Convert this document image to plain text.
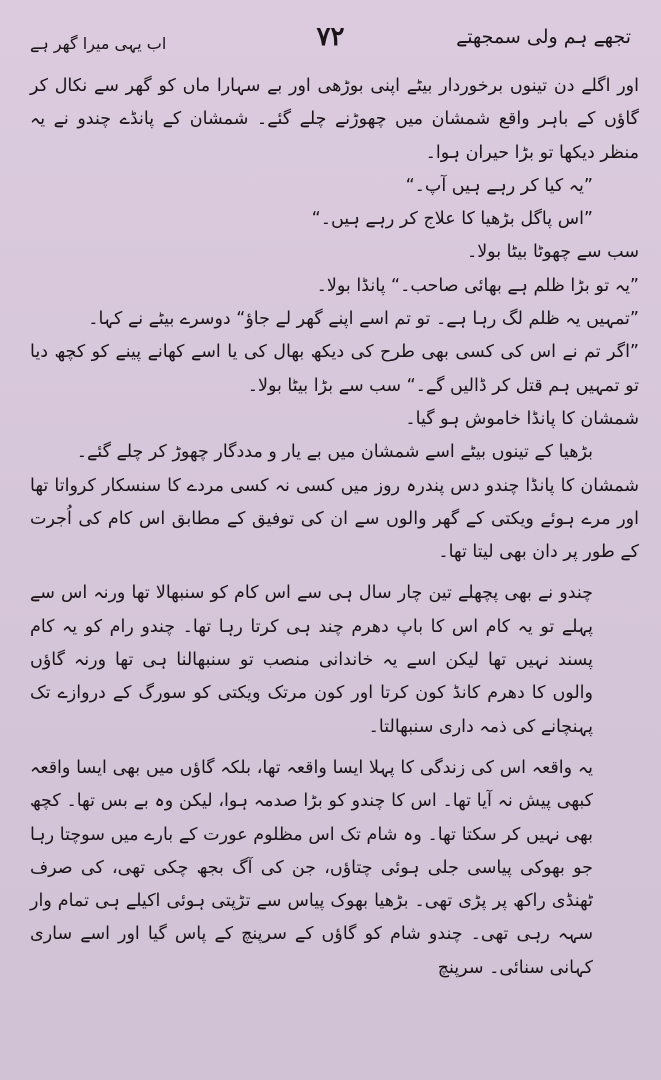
تجھے ہم ولی سمجھتے
٧٢
اب یہی میرا گھر ہے

اور اگلے دن تینوں برخوردار بیٹے اپنی بوڑھی اور بے سہارا ماں کو گھر سے نکال کر گاؤں کے باہر واقع شمشان میں چھوڑنے چلے گئے۔ شمشان کے پانڈے چندو نے یہ منظر دیکھا تو بڑا حیران ہوا۔

”یہ کیا کر رہے ہیں آپ۔“

”اس پاگل بڑھیا کا علاج کر رہے ہیں۔“

سب سے چھوٹا بیٹا بولا۔

”یہ تو بڑا ظلم ہے بھائی صاحب۔“ پانڈا بولا۔

”تمہیں یہ ظلم لگ رہا ہے۔ تو تم اسے اپنے گھر لے جاؤ“ دوسرے بیٹے نے کہا۔

”اگر تم نے اس کی کسی بھی طرح کی دیکھ بھال کی یا اسے کھانے پینے کو کچھ دیا تو تمہیں ہم قتل کر ڈالیں گے۔“ سب سے بڑا بیٹا بولا۔

شمشان کا پانڈا خاموش ہو گیا۔

بڑھیا کے تینوں بیٹے اسے شمشان میں بے یار و مددگار چھوڑ کر چلے گئے۔

شمشان کا پانڈا چندو دس پندرہ روز میں کسی نہ کسی مردے کا سنسکار کرواتا تھا اور مرے ہوئے ویکتی کے گھر والوں سے ان کی توفیق کے مطابق اس کام کی اُجرت کے طور پر دان بھی لیتا تھا۔

چندو نے بھی پچھلے تین چار سال ہی سے اس کام کو سنبھالا تھا ورنہ اس سے پہلے تو یہ کام اس کا باپ دھرم چند ہی کرتا رہا تھا۔ چندو رام کو یہ کام پسند نہیں تھا لیکن اسے یہ خاندانی منصب تو سنبھالنا ہی تھا ورنہ گاؤں والوں کا دھرم کانڈ کون کرتا اور کون مرتک ویکتی کو سورگ کے دروازے تک پہنچانے کی ذمہ داری سنبھالتا۔

یہ واقعہ اس کی زندگی کا پہلا ایسا واقعہ تھا، بلکہ گاؤں میں بھی ایسا واقعہ کبھی پیش نہ آیا تھا۔ اس کا چندو کو بڑا صدمہ ہوا، لیکن وہ بے بس تھا۔ کچھ بھی نہیں کر سکتا تھا۔ وہ شام تک اس مظلوم عورت کے بارے میں سوچتا رہا جو بھوکی پیاسی جلی ہوئی چتاؤں، جن کی آگ بجھ چکی تھی، کی صرف ٹھنڈی راکھ پر پڑی تھی۔ بڑھیا بھوک پیاس سے تڑپتی ہوئی اکیلے ہی تمام وار سہہ رہی تھی۔ چندو شام کو گاؤں کے سرپنچ کے پاس گیا اور اسے ساری کہانی سنائی۔ سرپنچ
